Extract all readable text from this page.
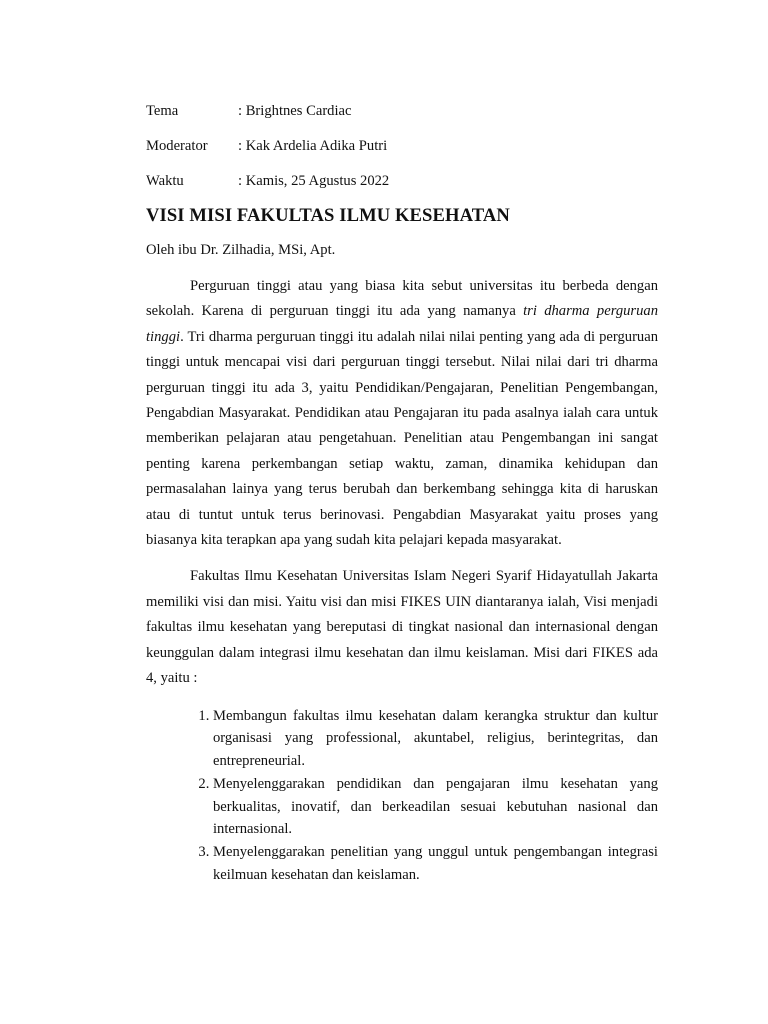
Tema	: Brightnes Cardiac
Moderator	: Kak Ardelia Adika Putri
Waktu	: Kamis, 25 Agustus 2022
VISI MISI FAKULTAS ILMU KESEHATAN
Oleh ibu Dr. Zilhadia, MSi, Apt.

Perguruan tinggi atau yang biasa kita sebut universitas itu berbeda dengan sekolah. Karena di perguruan tinggi itu ada yang namanya tri dharma perguruan tinggi. Tri dharma perguruan tinggi itu adalah nilai nilai penting yang ada di perguruan tinggi untuk mencapai visi dari perguruan tinggi tersebut. Nilai nilai dari tri dharma perguruan tinggi itu ada 3, yaitu Pendidikan/Pengajaran, Penelitian Pengembangan, Pengabdian Masyarakat. Pendidikan atau Pengajaran itu pada asalnya ialah cara untuk memberikan pelajaran atau pengetahuan. Penelitian atau Pengembangan ini sangat penting karena perkembangan setiap waktu, zaman, dinamika kehidupan dan permasalahan lainya yang terus berubah dan berkembang sehingga kita di haruskan atau di tuntut untuk terus berinovasi. Pengabdian Masyarakat yaitu proses yang biasanya kita terapkan apa yang sudah kita pelajari kepada masyarakat.

Fakultas Ilmu Kesehatan Universitas Islam Negeri Syarif Hidayatullah Jakarta memiliki visi dan misi. Yaitu visi dan misi FIKES UIN diantaranya ialah, Visi menjadi fakultas ilmu kesehatan yang bereputasi di tingkat nasional dan internasional dengan keunggulan dalam integrasi ilmu kesehatan dan ilmu keislaman. Misi dari FIKES ada 4, yaitu :

1. Membangun fakultas ilmu kesehatan dalam kerangka struktur dan kultur organisasi yang professional, akuntabel, religius, berintegritas, dan entrepreneurial.
2. Menyelenggarakan pendidikan dan pengajaran ilmu kesehatan yang berkualitas, inovatif, dan berkeadilan sesuai kebutuhan nasional dan internasional.
3. Menyelenggarakan penelitian yang unggul untuk pengembangan integrasi keilmuan kesehatan dan keislaman.
